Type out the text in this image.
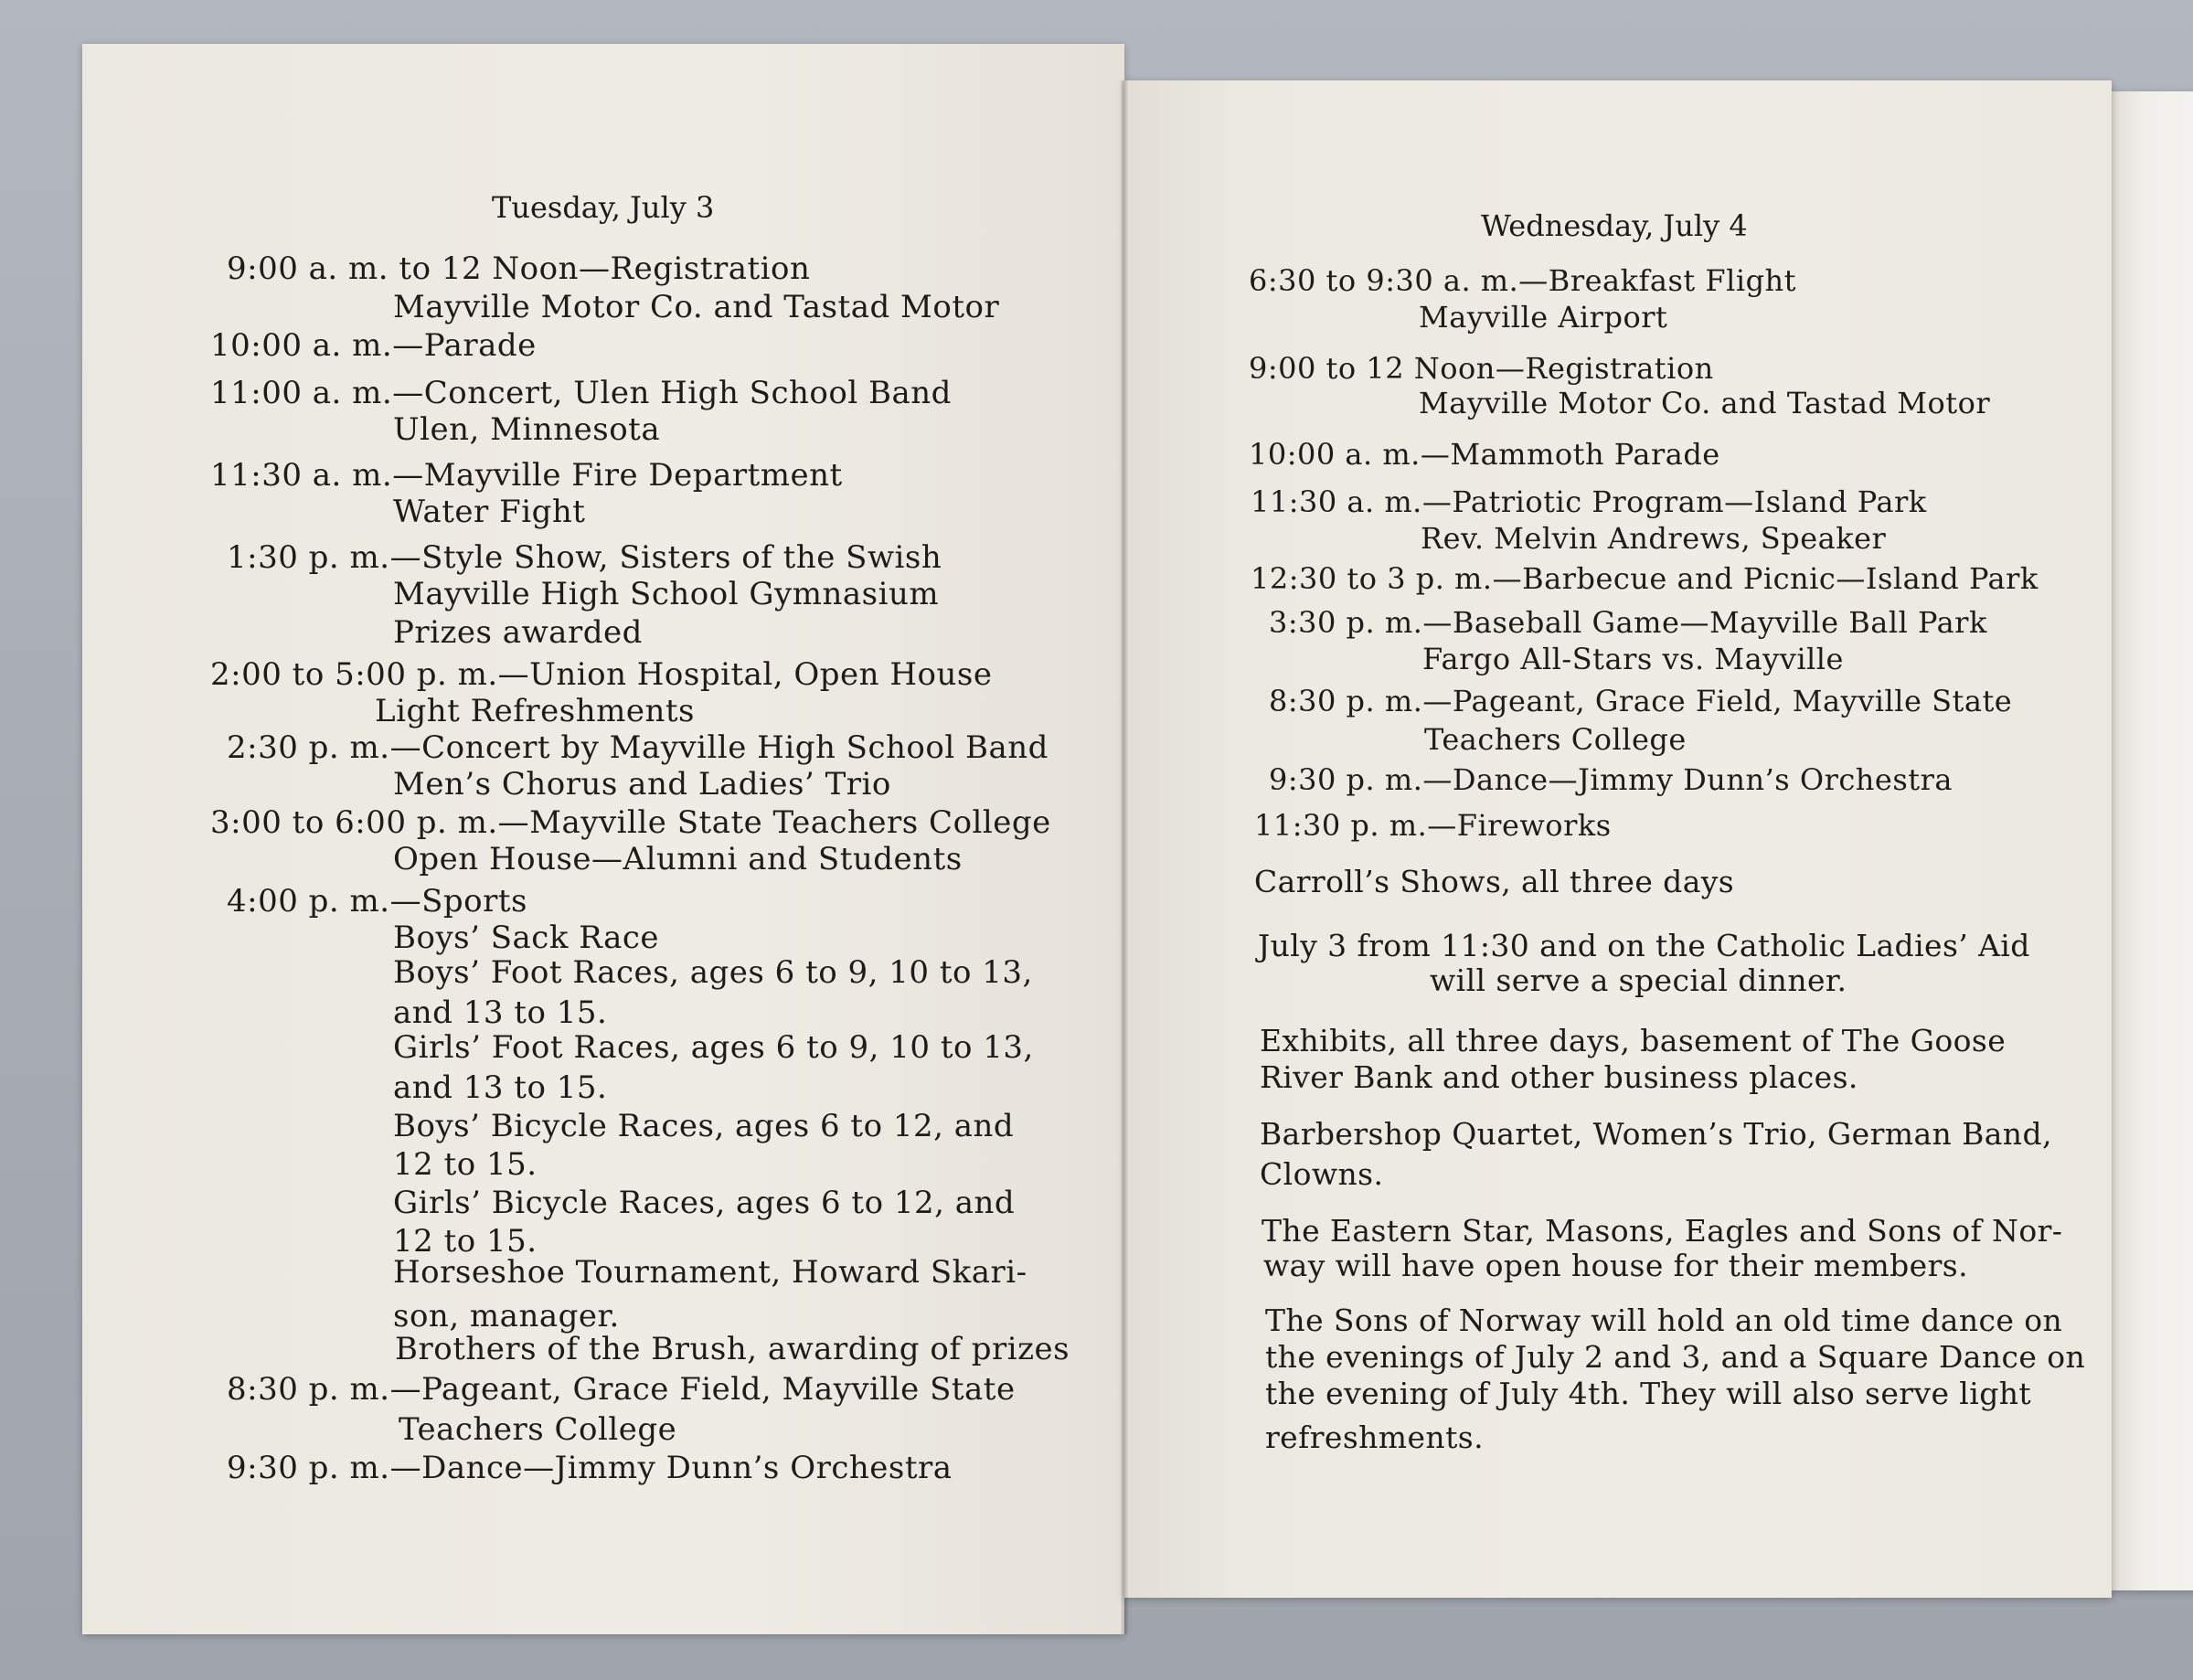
Tuesday, July 3
9:00 a. m. to 12 Noon—Registration
Mayville Motor Co. and Tastad Motor
10:00 a. m.—Parade
11:00 a. m.—Concert, Ulen High School Band
Ulen, Minnesota
11:30 a. m.—Mayville Fire Department
Water Fight
1:30 p. m.—Style Show, Sisters of the Swish
Mayville High School Gymnasium
Prizes awarded
2:00 to 5:00 p. m.—Union Hospital, Open House
Light Refreshments
2:30 p. m.—Concert by Mayville High School Band
Men’s Chorus and Ladies’ Trio
3:00 to 6:00 p. m.—Mayville State Teachers College
Open House—Alumni and Students
4:00 p. m.—Sports
Boys’ Sack Race
Boys’ Foot Races, ages 6 to 9, 10 to 13,
and 13 to 15.
Girls’ Foot Races, ages 6 to 9, 10 to 13,
and 13 to 15.
Boys’ Bicycle Races, ages 6 to 12, and
12 to 15.
Girls’ Bicycle Races, ages 6 to 12, and
12 to 15.
Horseshoe Tournament, Howard Skari-
son, manager.
Brothers of the Brush, awarding of prizes
8:30 p. m.—Pageant, Grace Field, Mayville State
Teachers College
9:30 p. m.—Dance—Jimmy Dunn’s Orchestra
Wednesday, July 4
6:30 to 9:30 a. m.—Breakfast Flight
Mayville Airport
9:00 to 12 Noon—Registration
Mayville Motor Co. and Tastad Motor
10:00 a. m.—Mammoth Parade
11:30 a. m.—Patriotic Program—Island Park
Rev. Melvin Andrews, Speaker
12:30 to 3 p. m.—Barbecue and Picnic—Island Park
3:30 p. m.—Baseball Game—Mayville Ball Park
Fargo All-Stars vs. Mayville
8:30 p. m.—Pageant, Grace Field, Mayville State
Teachers College
9:30 p. m.—Dance—Jimmy Dunn’s Orchestra
11:30 p. m.—Fireworks
Carroll’s Shows, all three days
July 3 from 11:30 and on the Catholic Ladies’ Aid
will serve a special dinner.
Exhibits, all three days, basement of The Goose
River Bank and other business places.
Barbershop Quartet, Women’s Trio, German Band,
Clowns.
The Eastern Star, Masons, Eagles and Sons of Nor-
way will have open house for their members.
The Sons of Norway will hold an old time dance on
the evenings of July 2 and 3, and a Square Dance on
the evening of July 4th. They will also serve light
refreshments.
